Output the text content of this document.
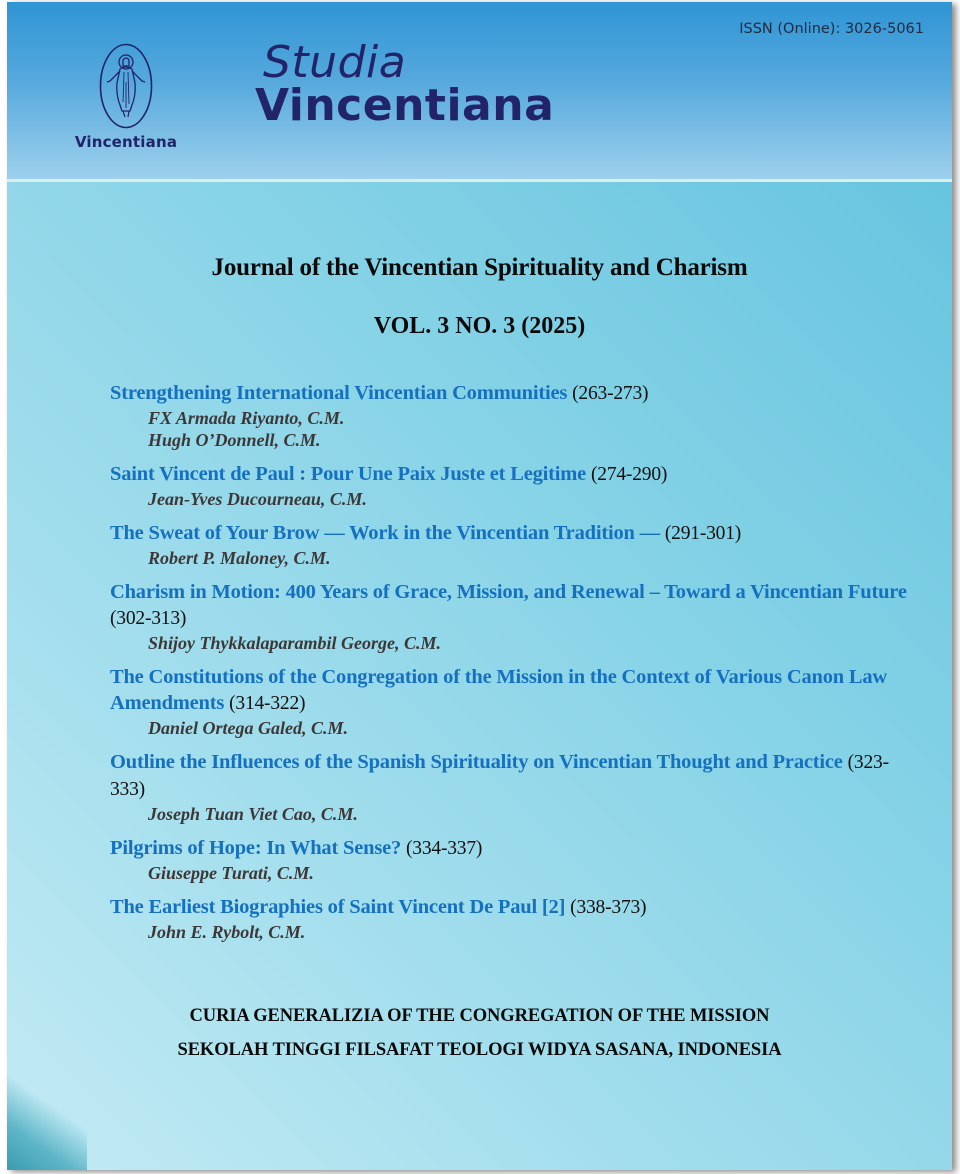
ISSN (Online): 3026-5061
Vincentiana
Studia
Vincentiana
Journal of the Vincentian Spirituality and Charism
VOL. 3 NO. 3 (2025)
Strengthening International Vincentian Communities (263-273)
FX Armada Riyanto, C.M.
Hugh O’Donnell, C.M.
Saint Vincent de Paul : Pour Une Paix Juste et Legitime (274-290)
Jean-Yves Ducourneau, C.M.
The Sweat of Your Brow — Work in the Vincentian Tradition — (291-301)
Robert P. Maloney, C.M.
Charism in Motion: 400 Years of Grace, Mission, and Renewal – Toward a Vincentian Future (302-313)
Shijoy Thykkalaparambil George, C.M.
The Constitutions of the Congregation of the Mission in the Context of Various Canon Law Amendments (314-322)
Daniel Ortega Galed, C.M.
Outline the Influences of the Spanish Spirituality on Vincentian Thought and Practice (323-333)
Joseph Tuan Viet Cao, C.M.
Pilgrims of Hope: In What Sense? (334-337)
Giuseppe Turati, C.M.
The Earliest Biographies of Saint Vincent De Paul [2] (338-373)
John E. Rybolt, C.M.
CURIA GENERALIZIA OF THE CONGREGATION OF THE MISSION
SEKOLAH TINGGI FILSAFAT TEOLOGI WIDYA SASANA, INDONESIA
